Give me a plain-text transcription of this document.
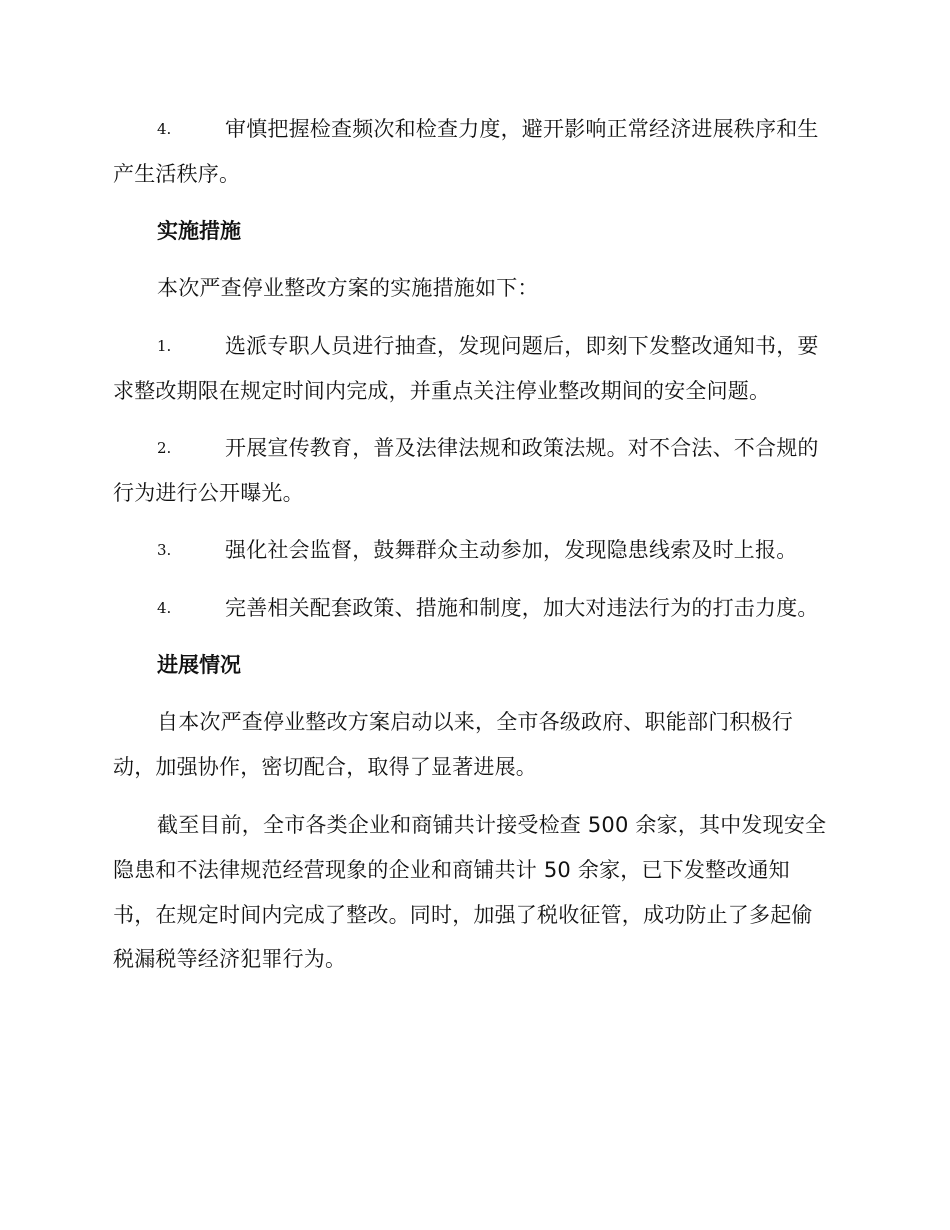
4.	审慎把握检查频次和检查力度，避开影响正常经济进展秩序和生
产生活秩序。
实施措施
本次严查停业整改方案的实施措施如下：
1.	选派专职人员进行抽查，发现问题后，即刻下发整改通知书，要
求整改期限在规定时间内完成，并重点关注停业整改期间的安全问题。
2.	开展宣传教育，普及法律法规和政策法规。对不合法、不合规的
行为进行公开曝光。
3.	强化社会监督，鼓舞群众主动参加，发现隐患线索及时上报。
4.	完善相关配套政策、措施和制度，加大对违法行为的打击力度。
进展情况
自本次严查停业整改方案启动以来，全市各级政府、职能部门积极行
动，加强协作，密切配合，取得了显著进展。
截至目前，全市各类企业和商铺共计接受检查 500 余家，其中发现安全
隐患和不法律规范经营现象的企业和商铺共计 50 余家，已下发整改通知
书，在规定时间内完成了整改。同时，加强了税收征管，成功防止了多起偷
税漏税等经济犯罪行为。
